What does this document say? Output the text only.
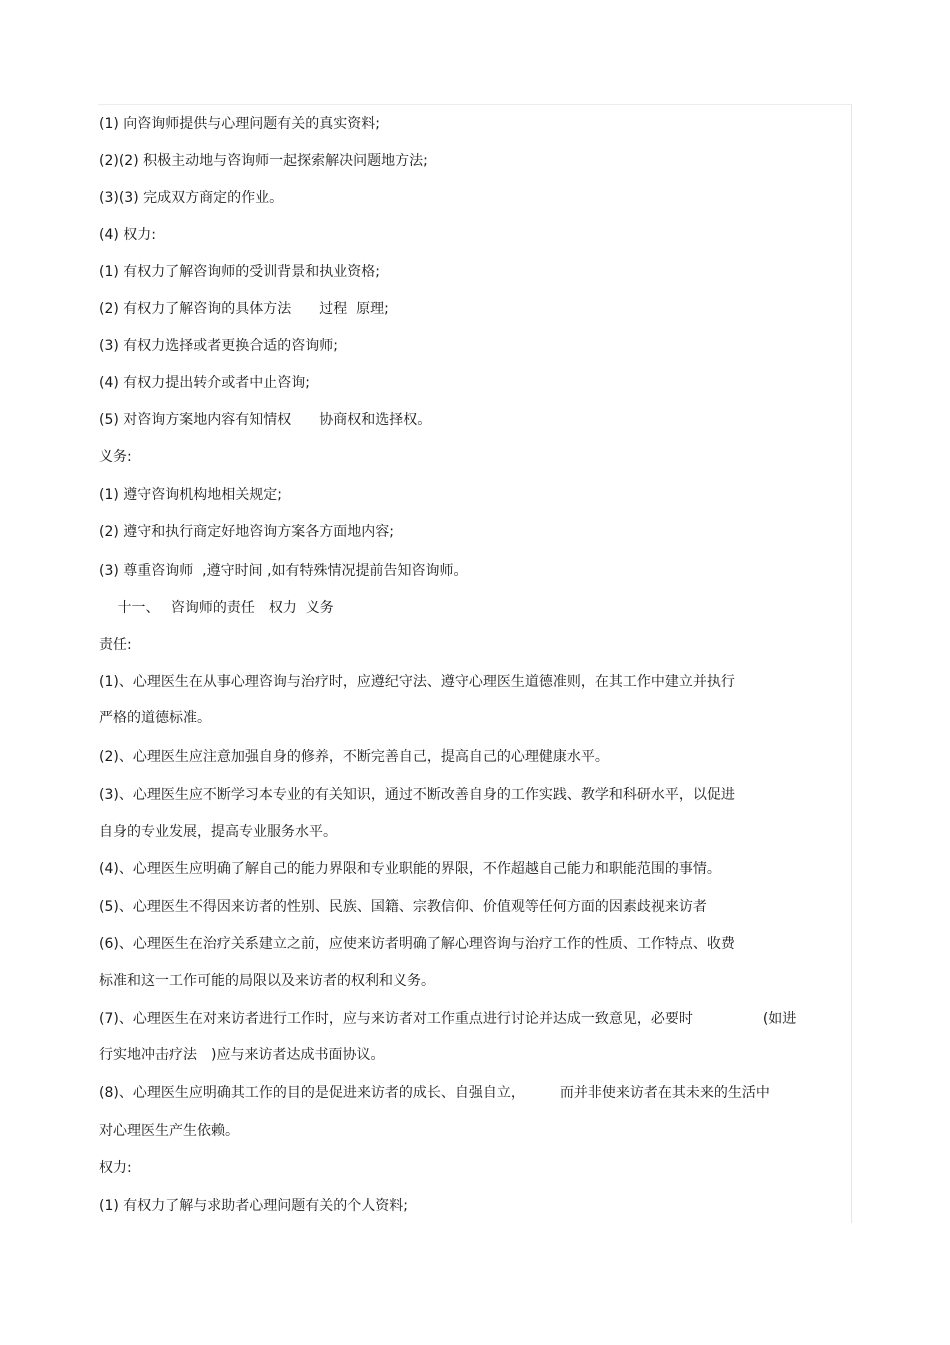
(1) 向咨询师提供与心理问题有关的真实资料;
(2)(2) 积极主动地与咨询师一起探索解决问题地方法;
(3)(3) 完成双方商定的作业。
(4) 权力:
(1) 有权力了解咨询师的受训背景和执业资格;
(2) 有权力了解咨询的具体方法　　过程  原理;
(3) 有权力选择或者更换合适的咨询师;
(4) 有权力提出转介或者中止咨询;
(5) 对咨询方案地内容有知情权　　协商权和选择权。
义务:
(1) 遵守咨询机构地相关规定;
(2) 遵守和执行商定好地咨询方案各方面地内容;
(3) 尊重咨询师  ,遵守时间 ,如有特殊情况提前告知咨询师。
　 十一、　 咨询师的责任　权力  义务
责任:
(1)、心理医生在从事心理咨询与治疗时，应遵纪守法、遵守心理医生道德准则，在其工作中建立并执行
严格的道德标准。
(2)、心理医生应注意加强自身的修养，不断完善自己，提高自己的心理健康水平。
(3)、心理医生应不断学习本专业的有关知识，通过不断改善自身的工作实践、教学和科研水平，以促进
自身的专业发展，提高专业服务水平。
(4)、心理医生应明确了解自己的能力界限和专业职能的界限，不作超越自己能力和职能范围的事情。
(5)、心理医生不得因来访者的性别、民族、国籍、宗教信仰、价值观等任何方面的因素歧视来访者
(6)、心理医生在治疗关系建立之前，应使来访者明确了解心理咨询与治疗工作的性质、工作特点、收费
标准和这一工作可能的局限以及来访者的权利和义务。
(7)、心理医生在对来访者进行工作时，应与来访者对工作重点进行讨论并达成一致意见，必要时　　　　　(如进
行实地冲击疗法　)应与来访者达成书面协议。
(8)、心理医生应明确其工作的目的是促进来访者的成长、自强自立，　　　而并非使来访者在其未来的生活中
对心理医生产生依赖。
权力:
(1) 有权力了解与求助者心理问题有关的个人资料;
